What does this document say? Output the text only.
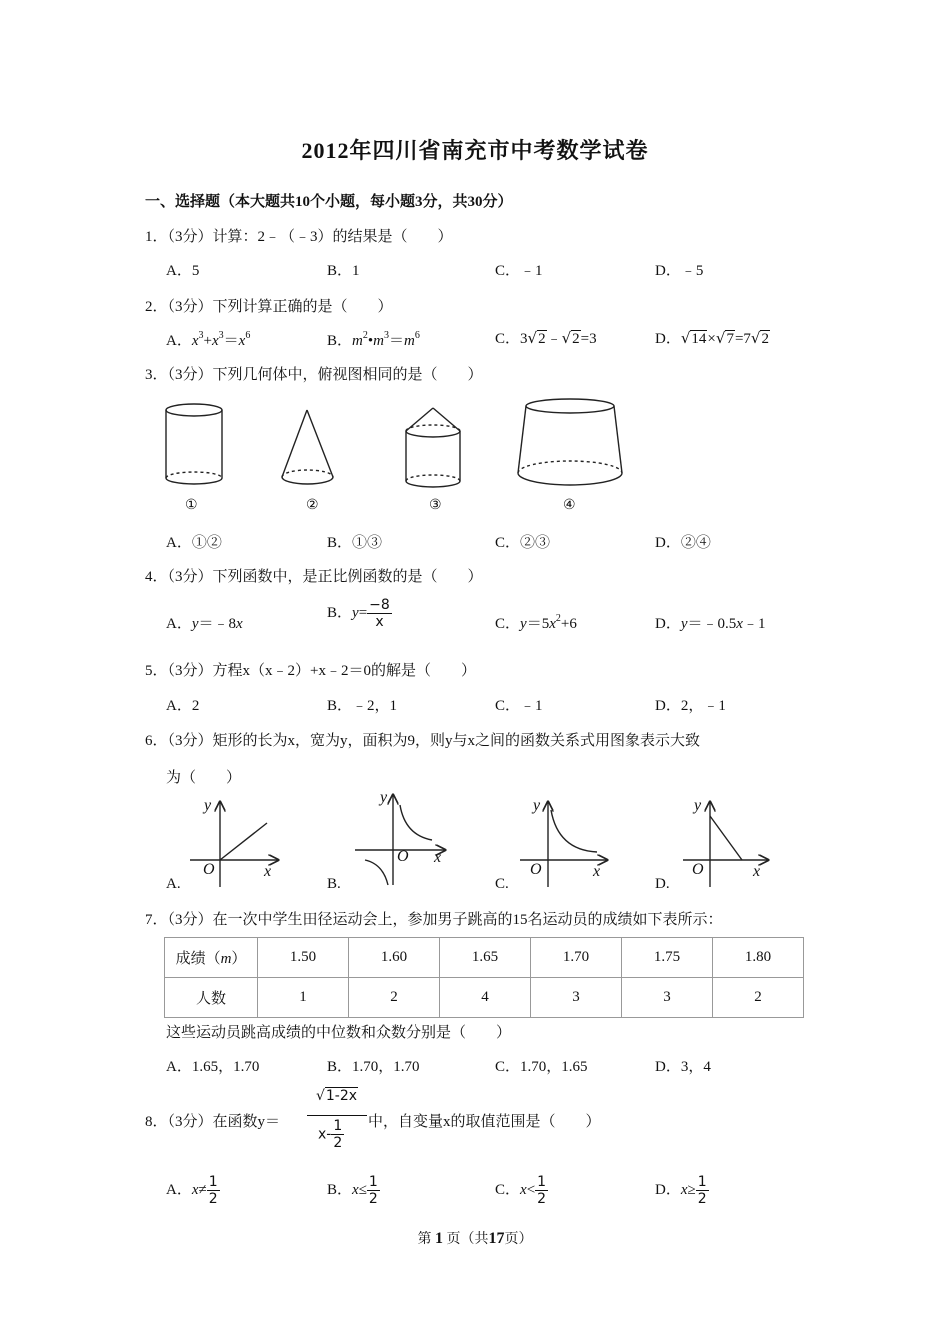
2012年四川省南充市中考数学试卷
一、选择题（本大题共10个小题，每小题3分，共30分）
1．（3分）计算：2﹣（﹣3）的结果是（　　）
A．5	B．1	C．﹣1	D．﹣5
2．（3分）下列计算正确的是（　　）
A．$x^3+x^3=x^6$	B．$m^2•m^3=m^6$	C．3√2﹣√2=3	D．√14×√7=7√2
3．（3分）下列几何体中，俯视图相同的是（　　）
①	②	③	④
A．①②	B．①③	C．②③	D．②④
4．（3分）下列函数中，是正比例函数的是（　　）
A．y＝﹣8x
B．$y= \frac{-8}{x}$	C．$y=5x^2+6$	D．y＝﹣0.5x﹣1
5．（3分）方程x（x﹣2）+x﹣2＝0的解是（　　）
A．2	B．﹣2，1	C．﹣1	D．2，﹣1
6．（3分）矩形的长为x，宽为y，面积为9，则y与x之间的函数关系式用图象表示大致
为（　　）
y
O	x
y
O x
y
O	x
y
O	x
A.	B.	C.	D.
7．（3分）在一次中学生田径运动会上，参加男子跳高的15名运动员的成绩如下表所示：
成绩（m）	1.50	1.60	1.65	1.70	1.75	1.80
人数	1	2	4	3	3	2
这些运动员跳高成绩的中位数和众数分别是（　　）
A．1.65，1.70	B．1.70，1.70	C．1.70，1.65	D．3，4
8．（3分）在函数y＝
√1-2x
$x- \frac{1}{2}$ 中，自变量x的取值范围是（　　）
A．$x\ne \frac{1}{2}$	B．$x\le \frac{1}{2}$	C．$x< \frac{1}{2}$	D．$x\ge \frac{1}{2}$
第 1 页（共17页）
